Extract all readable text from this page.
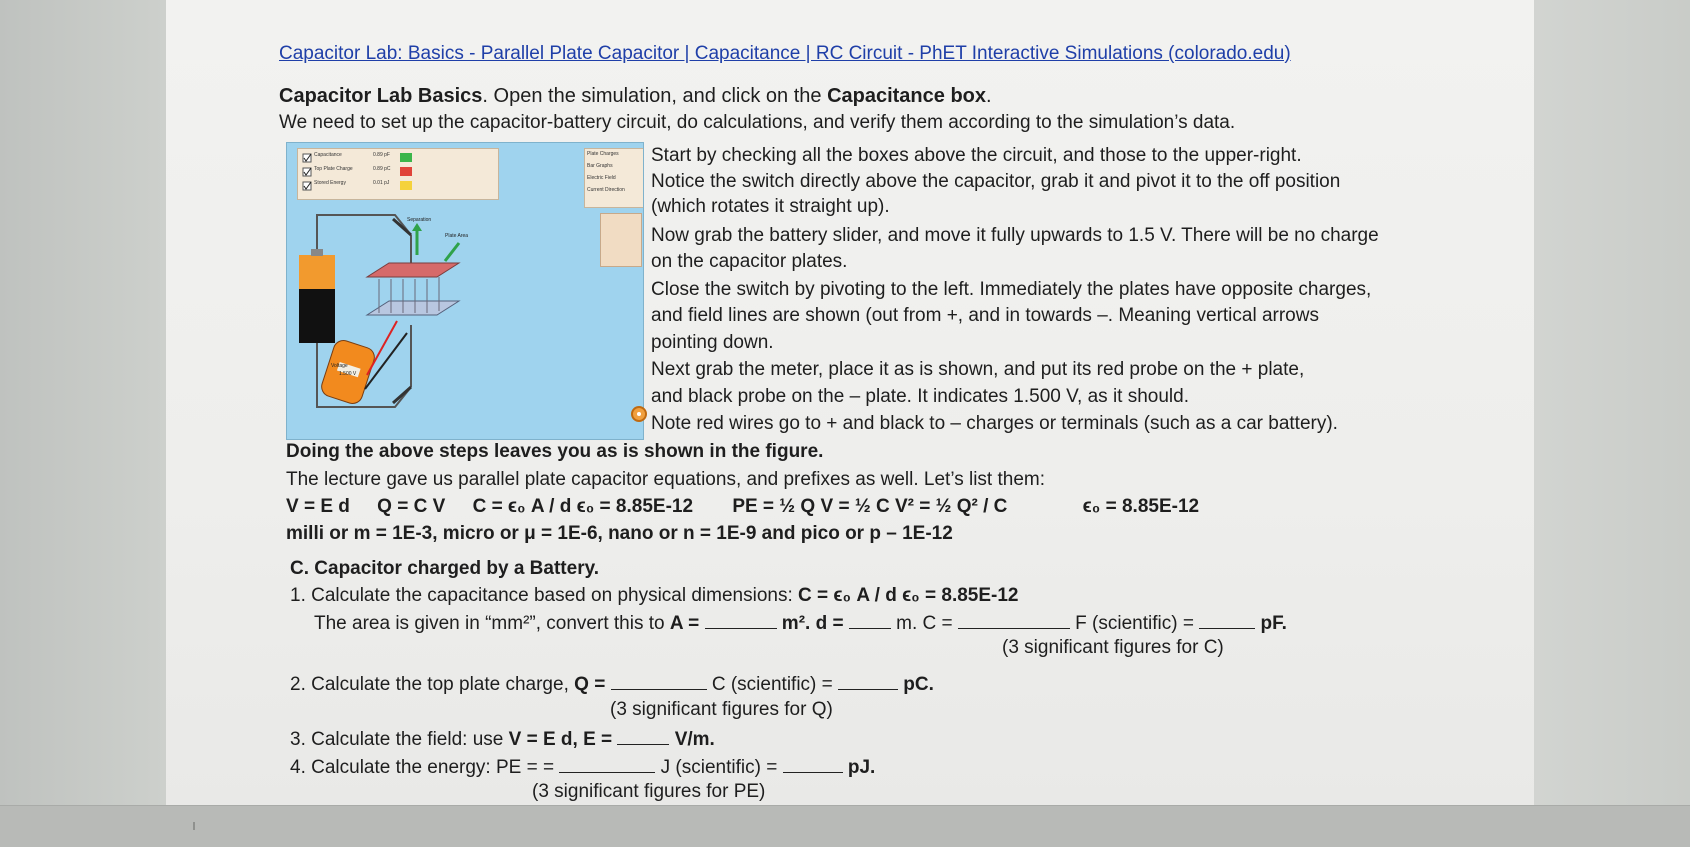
Capacitor Lab: Basics - Parallel Plate Capacitor | Capacitance | RC Circuit - PhET Interactive Simulations (colorado.edu)
Capacitor Lab Basics. Open the simulation, and click on the Capacitance box.
We need to set up the capacitor-battery circuit, do calculations, and verify them according to the simulation’s data.
Start by checking all the boxes above the circuit, and those to the upper-right.
Notice the switch directly above the capacitor, grab it and pivot it to the off position
(which rotates it straight up).
Now grab the battery slider, and move it fully upwards to 1.5 V. There will be no charge
on the capacitor plates.
Close the switch by pivoting to the left. Immediately the plates have opposite charges,
and field lines are shown (out from +, and in towards –. Meaning vertical arrows
pointing down.
Next grab the meter, place it as is shown, and put its red probe on the + plate,
and black probe on the – plate. It indicates 1.500 V, as it should.
Note red wires go to + and black to – charges or terminals (such as a car battery).
Doing the above steps leaves you as is shown in the figure.
The lecture gave us parallel plate capacitor equations, and prefixes as well. Let’s list them:
V = E d Q = C V C = ϵ₀ A / d ϵ₀ = 8.85E-12 PE = ½ Q V = ½ C V² = ½ Q² / C	ϵ₀ = 8.85E-12
milli or m = 1E-3, micro or μ = 1E-6, nano or n = 1E-9 and pico or p – 1E-12
C. Capacitor charged by a Battery.
1. Calculate the capacitance based on physical dimensions: C = ϵ₀ A / d ϵ₀ = 8.85E-12
The area is given in “mm²”, convert this to A =	m². d =  m. C =	F (scientific) =	pF.
(3 significant figures for C)
2. Calculate the top plate charge, Q =	C (scientific) =	pC.
(3 significant figures for Q)
3. Calculate the field: use V = E d, E =	V/m.
4. Calculate the energy: PE = =	J (scientific) =	pJ.
(3 significant figures for PE)
Capacitance
Top Plate Charge
Stored Energy
0.89 pF
0.89 pC
0.01 pJ
Plate Charges
Bar Graphs
Electric Field
Current Direction
Voltage
1.500 V
Separation
Plate Area
